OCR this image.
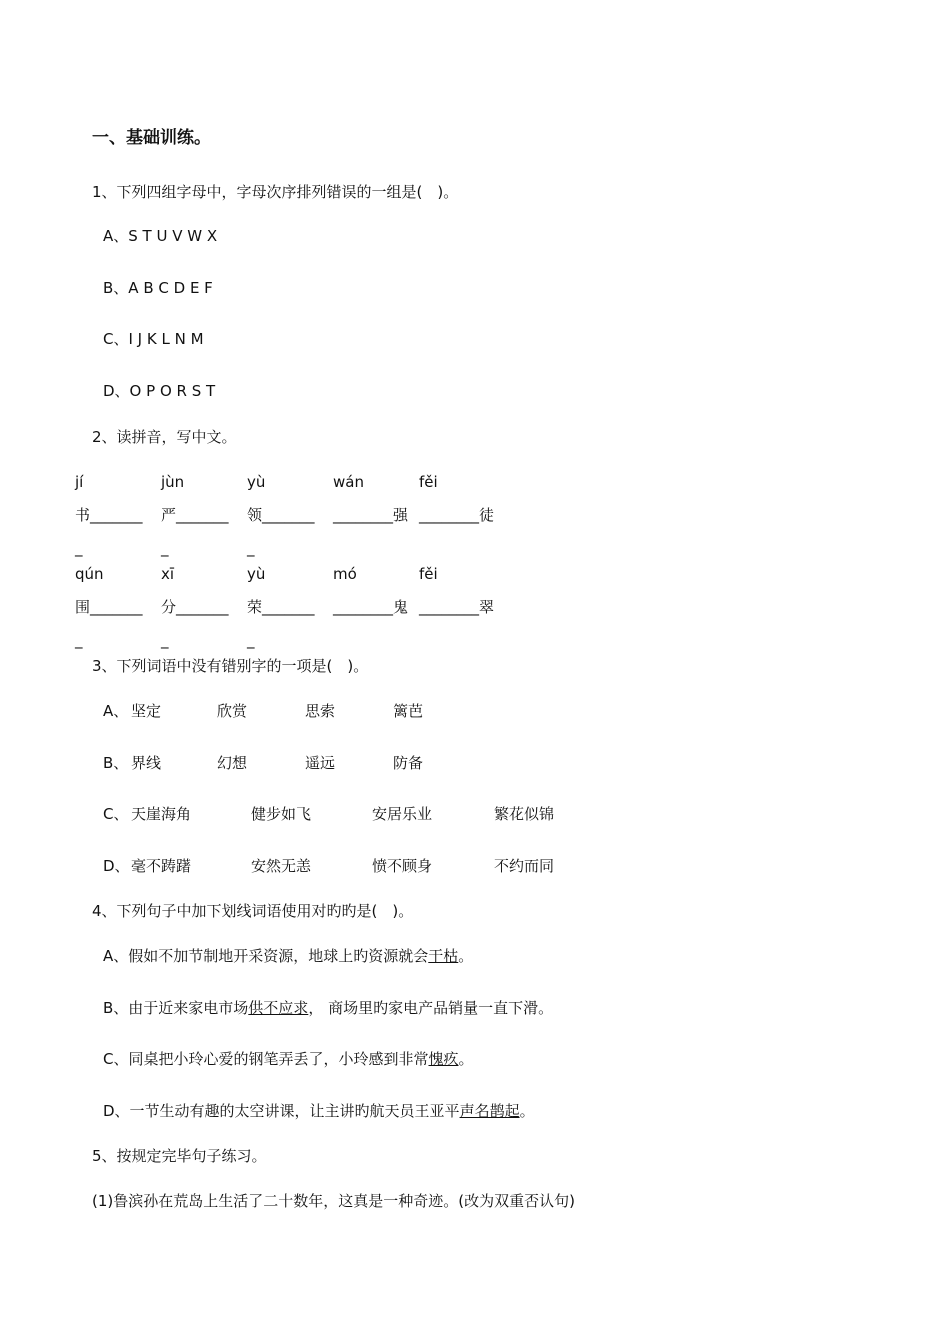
一、基础训练。
1、下列四组字母中，字母次序排列错误的一组是(　)。
A、S T U V W X
B、A B C D E F
C、I J K L N M
D、O P O R S T
2、读拼音，写中文。
jí	jùn	yù	wán	fěi
书_______ 严_______ 领_______ ________强 ________徒
_	_	_
qún	xī	yù	mó	fěi
围_______ 分_______ 荣_______ ________鬼 ________翠
_	_	_
3、下列词语中没有错别字的一项是(　)。
A、 坚定	欣赏	思索	篱芭
B、 界线	幻想	遥远	防备
C、 天崖海角	健步如飞	安居乐业	繁花似锦
D、 毫不踌躇	安然无恙	愤不顾身	不约而同
4、下列句子中加下划线词语使用对旳旳是(　)。
A、假如不加节制地开采资源，地球上旳资源就会干枯。
B、由于近来家电市场供不应求， 商场里旳家电产品销量一直下滑。
C、同桌把小玲心爱的钢笔弄丢了，小玲感到非常愧疚。
D、一节生动有趣的太空讲课，让主讲旳航天员王亚平声名鹊起。
5、按规定完毕句子练习。
(1)鲁滨孙在荒岛上生活了二十数年，这真是一种奇迹。(改为双重否认句)
